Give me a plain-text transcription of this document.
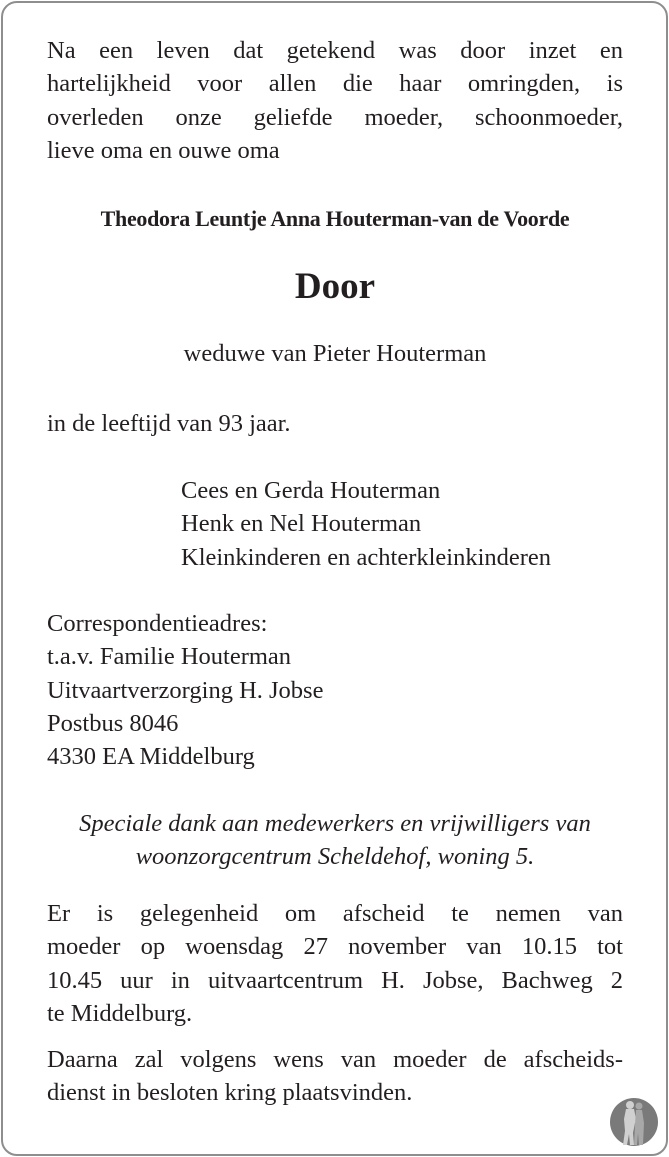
Na een leven dat getekend was door inzet en
hartelijkheid voor allen die haar omringden, is
overleden onze geliefde moeder, schoonmoeder,
lieve oma en ouwe oma
Theodora Leuntje Anna Houterman-van de Voorde
Door
weduwe van Pieter Houterman
in de leeftijd van 93 jaar.
Cees en Gerda Houterman
Henk en Nel Houterman
Kleinkinderen en achterkleinkinderen
Correspondentieadres:
t.a.v. Familie Houterman
Uitvaartverzorging H. Jobse
Postbus 8046
4330 EA Middelburg
Speciale dank aan medewerkers en vrijwilligers van
woonzorgcentrum Scheldehof, woning 5.
Er is gelegenheid om afscheid te nemen van
moeder op woensdag 27 november van 10.15 tot
10.45 uur in uitvaartcentrum H. Jobse, Bachweg 2
te Middelburg.
Daarna zal volgens wens van moeder de afscheids-
dienst in besloten kring plaatsvinden.
